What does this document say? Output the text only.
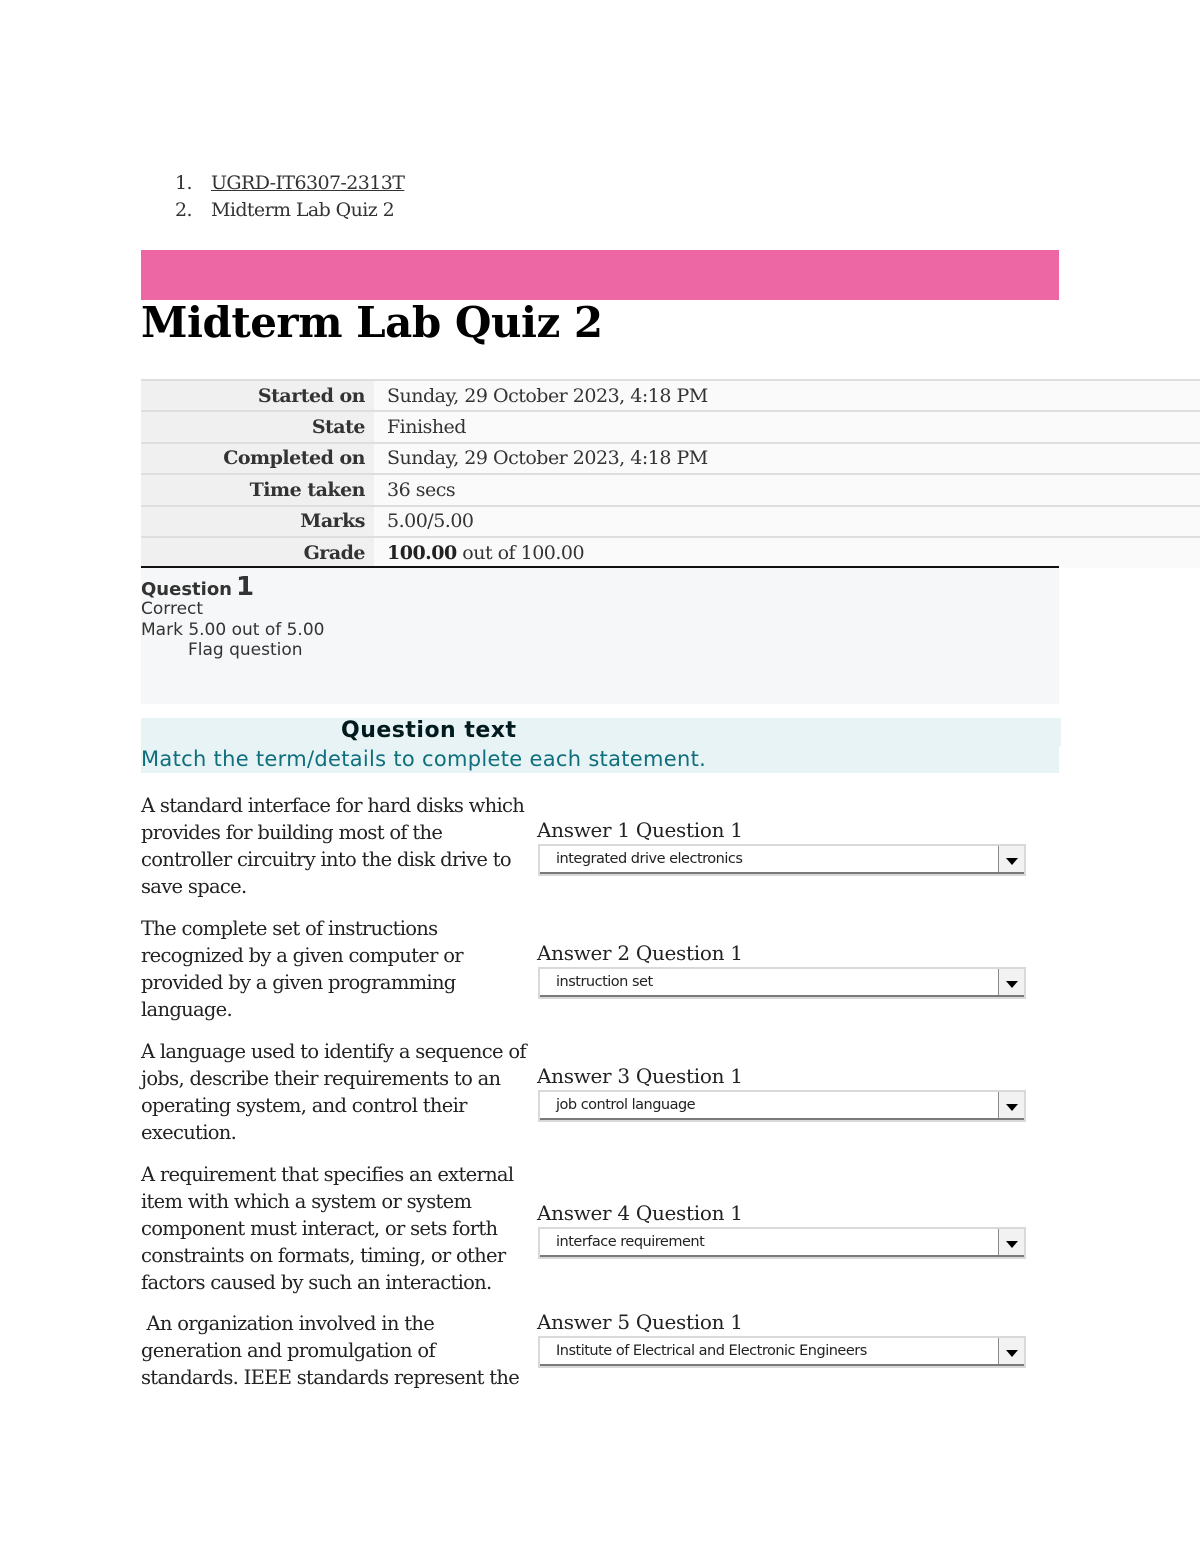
1. UGRD-IT6307-2313T
2. Midterm Lab Quiz 2
Midterm Lab Quiz 2
Started on	Sunday, 29 October 2023, 4:18 PM
State	Finished
Completed on	Sunday, 29 October 2023, 4:18 PM
Time taken	36 secs
Marks	5.00/5.00
Grade	100.00 out of 100.00
Question 1
Correct
Mark 5.00 out of 5.00
Flag question
Question text
Match the term/details to complete each statement.
A standard interface for hard disks which provides for building most of the controller circuitry into the disk drive to save space.
Answer 1 Question 1
integrated drive electronics
The complete set of instructions recognized by a given computer or provided by a given programming language.
Answer 2 Question 1
instruction set
A language used to identify a sequence of jobs, describe their requirements to an operating system, and control their execution.
Answer 3 Question 1
job control language
A requirement that specifies an external item with which a system or system component must interact, or sets forth constraints on formats, timing, or other factors caused by such an interaction.
Answer 4 Question 1
interface requirement
An organization involved in the generation and promulgation of standards. IEEE standards represent the
Answer 5 Question 1
Institute of Electrical and Electronic Engineers
